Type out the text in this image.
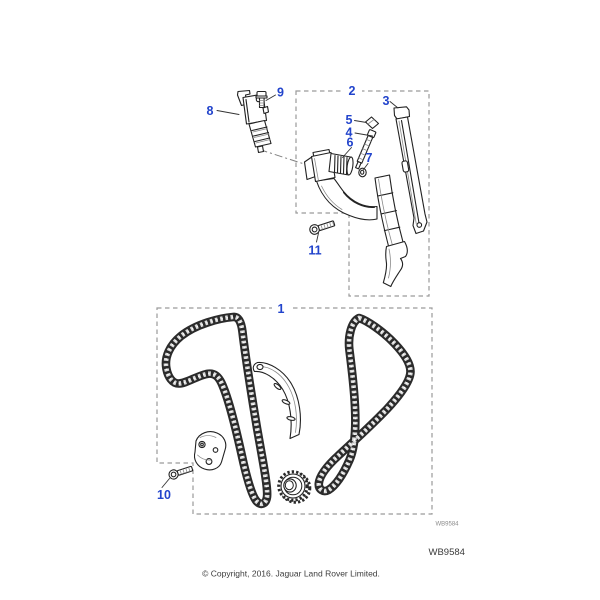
1
2
3
5
4
6
7
8
9
10
11
WB9584
WB9584
© Copyright, 2016. Jaguar Land Rover Limited.
